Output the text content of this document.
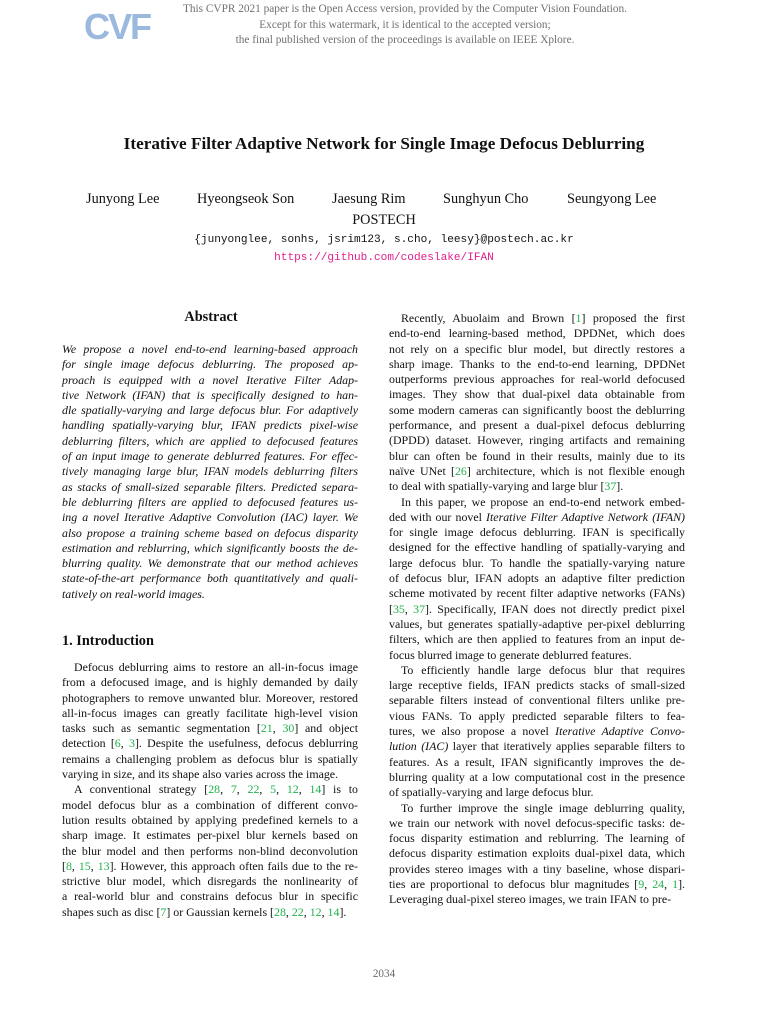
CVF	This CVPR 2021 paper is the Open Access version, provided by the Computer Vision Foundation.
Except for this watermark, it is identical to the accepted version;
the final published version of the proceedings is available on IEEE Xplore.
Iterative Filter Adaptive Network for Single Image Defocus Deblurring
Junyong Lee	Hyeongseok Son	Jaesung Rim	Sunghyun Cho	Seungyong Lee
POSTECH
{junyonglee, sonhs, jsrim123, s.cho, leesy}@postech.ac.kr
https://github.com/codeslake/IFAN
Abstract
We propose a novel end-to-end learning-based approach
for single image defocus deblurring. The proposed ap-
proach is equipped with a novel Iterative Filter Adap-
tive Network (IFAN) that is specifically designed to han-
dle spatially-varying and large defocus blur. For adaptively
handling spatially-varying blur, IFAN predicts pixel-wise
deblurring filters, which are applied to defocused features
of an input image to generate deblurred features. For effec-
tively managing large blur, IFAN models deblurring filters
as stacks of small-sized separable filters. Predicted separa-
ble deblurring filters are applied to defocused features us-
ing a novel Iterative Adaptive Convolution (IAC) layer. We
also propose a training scheme based on defocus disparity
estimation and reblurring, which significantly boosts the de-
blurring quality. We demonstrate that our method achieves
state-of-the-art performance both quantitatively and quali-
tatively on real-world images.
1. Introduction
Defocus deblurring aims to restore an all-in-focus image
from a defocused image, and is highly demanded by daily
photographers to remove unwanted blur. Moreover, restored
all-in-focus images can greatly facilitate high-level vision
tasks such as semantic segmentation [21, 30] and object
detection [6, 3]. Despite the usefulness, defocus deblurring
remains a challenging problem as defocus blur is spatially
varying in size, and its shape also varies across the image.
A conventional strategy [28, 7, 22, 5, 12, 14] is to
model defocus blur as a combination of different convo-
lution results obtained by applying predefined kernels to a
sharp image. It estimates per-pixel blur kernels based on
the blur model and then performs non-blind deconvolution
[8, 15, 13]. However, this approach often fails due to the re-
strictive blur model, which disregards the nonlinearity of
a real-world blur and constrains defocus blur in specific
shapes such as disc [7] or Gaussian kernels [28, 22, 12, 14].
Recently, Abuolaim and Brown [1] proposed the first
end-to-end learning-based method, DPDNet, which does
not rely on a specific blur model, but directly restores a
sharp image. Thanks to the end-to-end learning, DPDNet
outperforms previous approaches for real-world defocused
images. They show that dual-pixel data obtainable from
some modern cameras can significantly boost the deblurring
performance, and present a dual-pixel defocus deblurring
(DPDD) dataset. However, ringing artifacts and remaining
blur can often be found in their results, mainly due to its
naïve UNet [26] architecture, which is not flexible enough
to deal with spatially-varying and large blur [37].
In this paper, we propose an end-to-end network embed-
ded with our novel Iterative Filter Adaptive Network (IFAN)
for single image defocus deblurring. IFAN is specifically
designed for the effective handling of spatially-varying and
large defocus blur. To handle the spatially-varying nature
of defocus blur, IFAN adopts an adaptive filter prediction
scheme motivated by recent filter adaptive networks (FANs)
[35, 37]. Specifically, IFAN does not directly predict pixel
values, but generates spatially-adaptive per-pixel deblurring
filters, which are then applied to features from an input de-
focus blurred image to generate deblurred features.
To efficiently handle large defocus blur that requires
large receptive fields, IFAN predicts stacks of small-sized
separable filters instead of conventional filters unlike pre-
vious FANs. To apply predicted separable filters to fea-
tures, we also propose a novel Iterative Adaptive Convo-
lution (IAC) layer that iteratively applies separable filters to
features. As a result, IFAN significantly improves the de-
blurring quality at a low computational cost in the presence
of spatially-varying and large defocus blur.
To further improve the single image deblurring quality,
we train our network with novel defocus-specific tasks: de-
focus disparity estimation and reblurring. The learning of
defocus disparity estimation exploits dual-pixel data, which
provides stereo images with a tiny baseline, whose dispari-
ties are proportional to defocus blur magnitudes [9, 24, 1].
Leveraging dual-pixel stereo images, we train IFAN to pre-
2034
